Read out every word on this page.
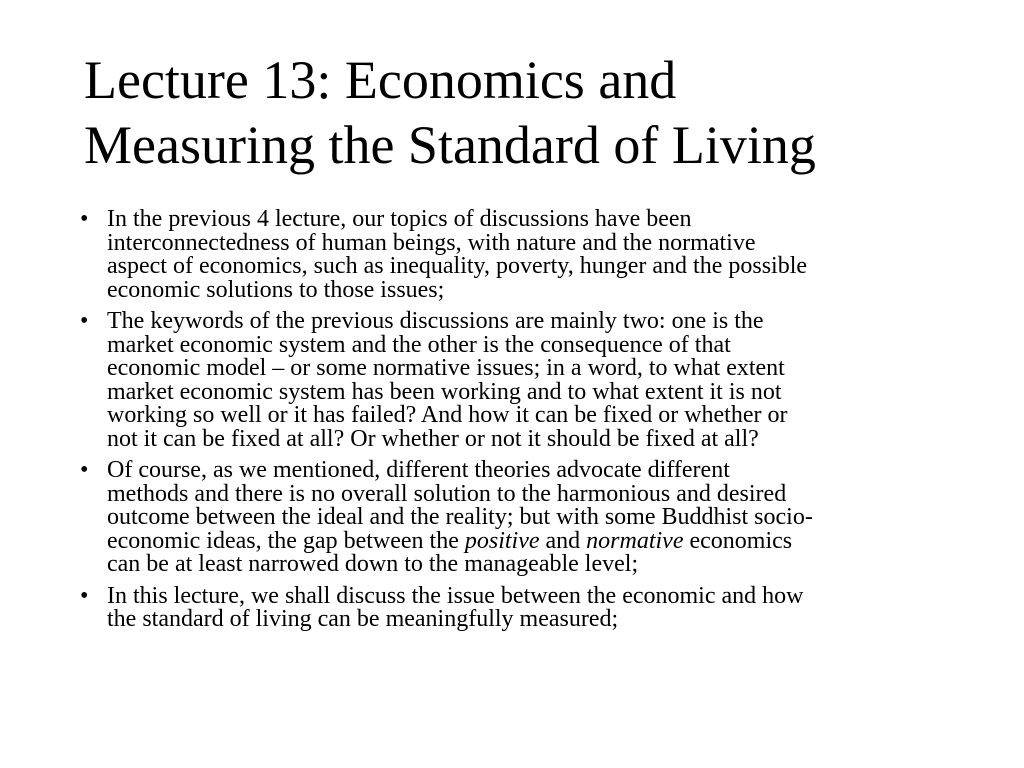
Lecture 13: Economics and
Measuring the Standard of Living
• In the previous 4 lecture, our topics of discussions have been
interconnectedness of human beings, with nature and the normative
aspect of economics, such as inequality, poverty, hunger and the possible
economic solutions to those issues;
• The keywords of the previous discussions are mainly two: one is the
market economic system and the other is the consequence of that
economic model – or some normative issues; in a word, to what extent
market economic system has been working and to what extent it is not
working so well or it has failed? And how it can be fixed or whether or
not it can be fixed at all? Or whether or not it should be fixed at all?
• Of course, as we mentioned, different theories advocate different
methods and there is no overall solution to the harmonious and desired
outcome between the ideal and the reality; but with some Buddhist socio-
economic ideas, the gap between the positive and normative economics
can be at least narrowed down to the manageable level;
• In this lecture, we shall discuss the issue between the economic and how
the standard of living can be meaningfully measured;
